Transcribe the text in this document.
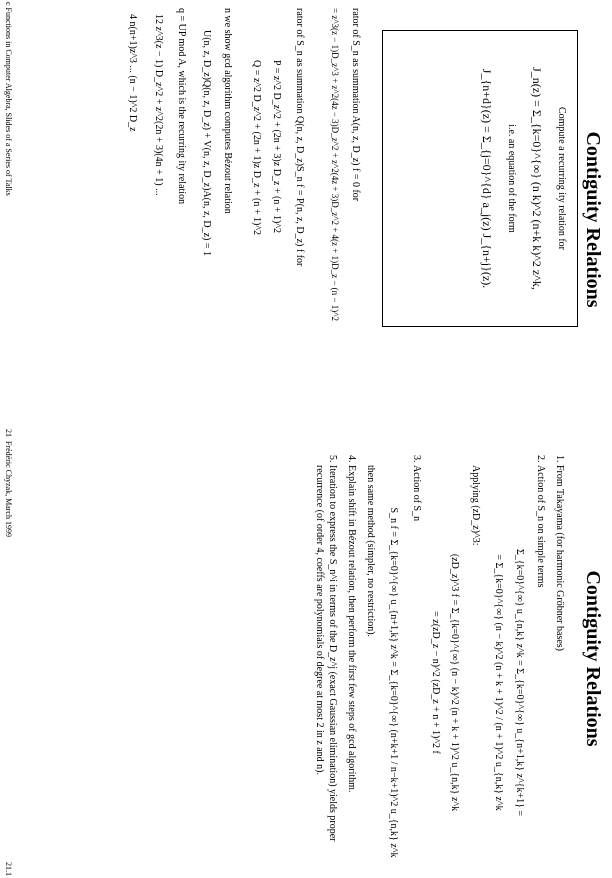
Contiguity Relations
Compute a recurring ity relation for
J_n(z) = Σ_{k=0}^{∞} (n k)^2 (n+k k)^2 z^k,
i.e. an equation of the form
J_{n+d}(z) = Σ_{j=0}^{d} a_j(z) J_{n+j}(z).
rator of S_n as summation A(n, z, D_z) f = 0 for
= z^3(z − 1)D_z^3 + z^2(4z − 3)D_z^2 + z^2(4z + 3)D_z^2 + 4(z + 1)D_z − (n − 1)^2
rator of S_n as summation Q(n, z, D_z)S_n f = P(n, z, D_z) f for
P = z^2 D_z^2 + (2n + 3)z D_z + (n + 1)^2
Q = z^2 D_z^2 + (2n + 1)z D_z + (n + 1)^2
n we show gcd algorithm computes Bézout relation
U(n, z, D_z)Q(n, z, D_z) + V(n, z, D_z)A(n, z, D_z) = 1
q = UP mod A, which is the recurring ity relation
12 z^3(z − 1) D_z^2 + z^2(2n + 3)(4n + 1) ...
4 n(n+1)z^3 ... (n − 1)^2 D_z
c Functions in Computer Algebra, Slides of a Series of Talks
21
Contiguity Relations
1. From Takayama (for harmonic Gröbner bases)
2. Action of S_n on simple terms
Σ_{k=0}^{∞} u_{n,k} z^k = Σ_{k=0}^{∞} u_{n+1,k} z^{k+1} =
= Σ_{k=0}^{∞} (n − k)^2 (n + k + 1)^2 / (n + 1)^2 u_{n,k} z^k
Applying (zD_z)^3:
(zD_z)^3 f = Σ_{k=0}^{∞} (n − k)^2 (n + k + 1)^2 u_{n,k} z^k
= z(zD_z − n)^2 (zD_z + n + 1)^2 f
3. Action of S_n
S_n f = Σ_{k=0}^{∞} u_{n+1,k} z^k = Σ_{k=0}^{∞} (n+k+1 / n−k+1)^2 u_{n,k} z^k
then same method (simpler, no restriction).
4. Explain shift in Bézout relation, then perform the first few steps of gcd algorithm.
5. Iteration to express the S_n^i in terms of the D_z^j (exact Gaussian elimination) yields proper recurrence (of order 4, coeffs are polynomials of degree at most 2 in z and n).
Frédéric Chyzak, March 1999
21.1
